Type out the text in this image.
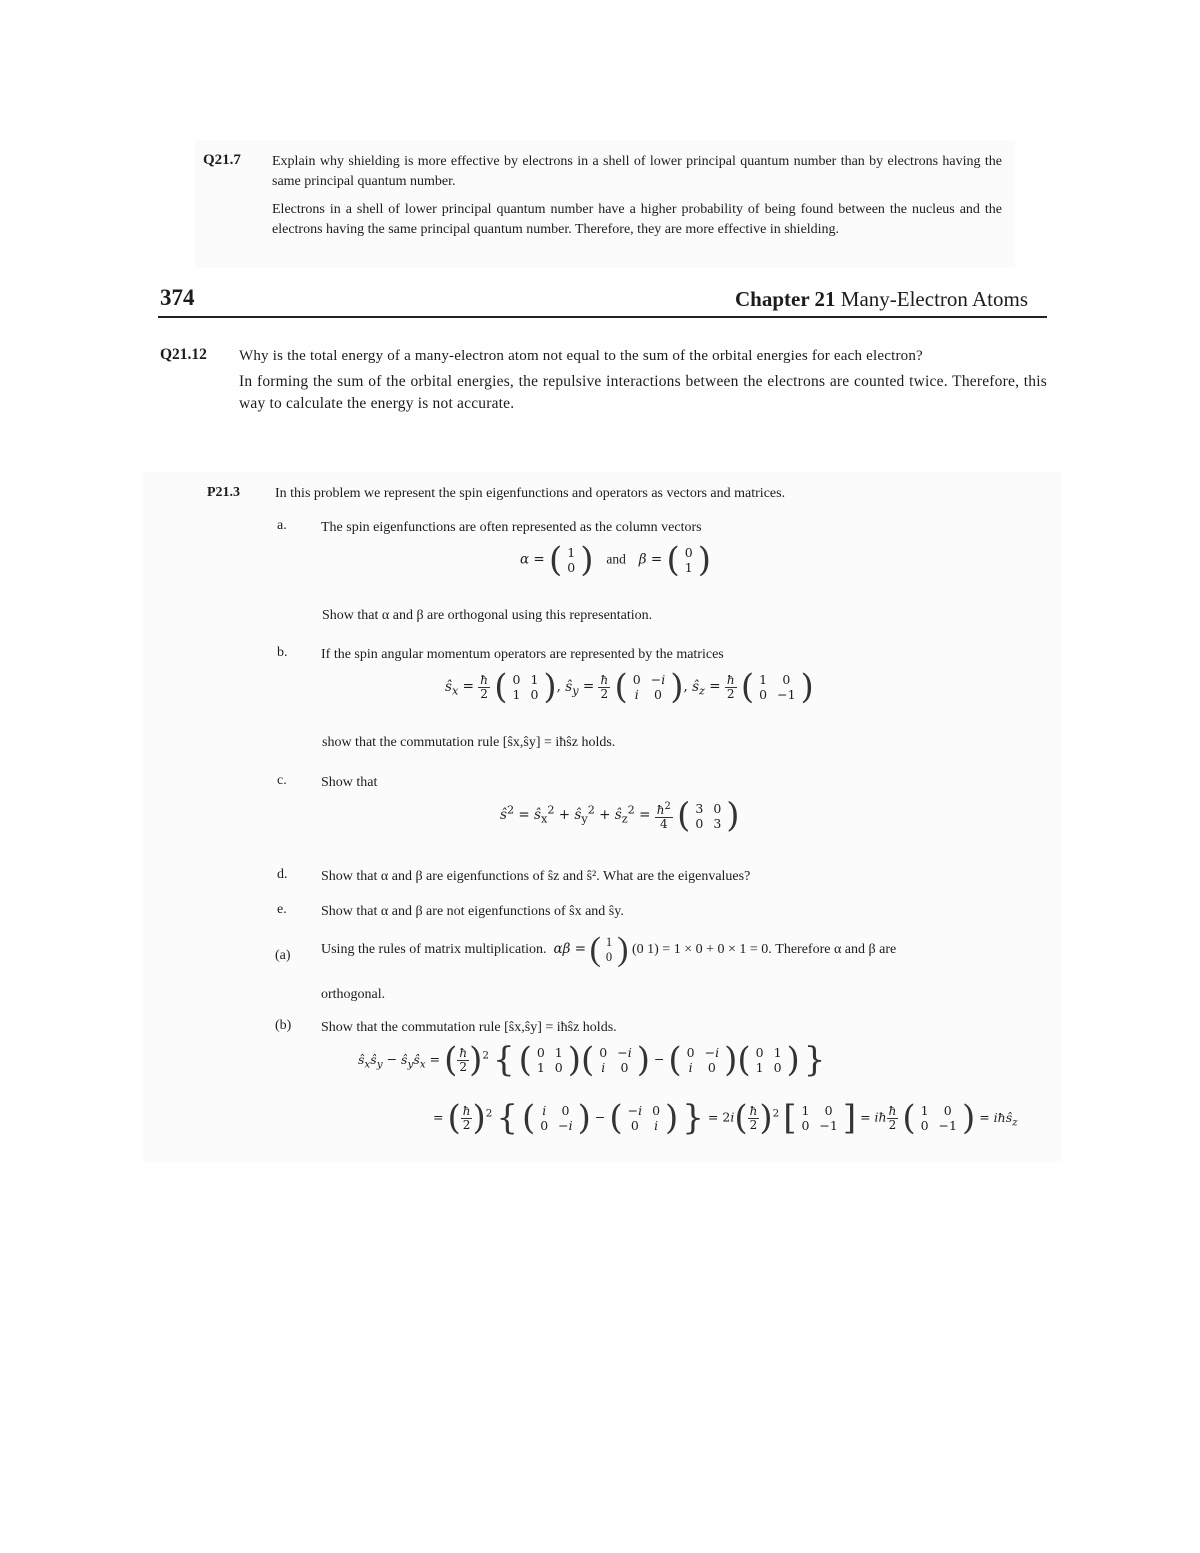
Q21.7 Explain why shielding is more effective by electrons in a shell of lower principal quantum number than by electrons having the same principal quantum number.
Electrons in a shell of lower principal quantum number have a higher probability of being found between the nucleus and the electrons having the same principal quantum number. Therefore, they are more effective in shielding.
374	Chapter 21 Many-Electron Atoms
Q21.12 Why is the total energy of a many-electron atom not equal to the sum of the orbital energies for each electron?
In forming the sum of the orbital energies, the repulsive interactions between the electrons are counted twice. Therefore, this way to calculate the energy is not accurate.
P21.3 In this problem we represent the spin eigenfunctions and operators as vectors and matrices.
a. The spin eigenfunctions are often represented as the column vectors
α = ( 1
0 ) and β = ( 0
1 )
Show that α and β are orthogonal using this representation.
b. If the spin angular momentum operators are represented by the matrices
$ŝ_x = \frac{ħ}{2}$ ( 0	1
1	0 ), $ŝ_y = \frac{ħ}{2}$ ( 0	−i
i	0 ), $ŝ_z = \frac{ħ}{2}$ ( 1	0
0	−1 )
show that the commutation rule [ŝx,ŝy] = iħŝz holds.
c. Show that
$ŝ^2$ = $ŝ_x^2$ + $ŝ_y^2$ + $ŝ_z^2 = \frac{ħ^2}{4}$ ( 3	0
0	3 )
d. Show that α and β are eigenfunctions of ŝz and ŝ². What are the eigenvalues?
e. Show that α and β are not eigenfunctions of ŝx and ŝy.
(a) Using the rules of matrix multiplication. αβ = ( 1
0 ) (0 1) = 1 × 0 + 0 × 1 = 0. Therefore α and β are
orthogonal.
(b) Show that the commutation rule [ŝx,ŝy] = iħŝz holds.
$ŝ_xŝ_y$ − $ŝ_yŝ_x$ = ( $\frac{ħ}{2} )^2$ { ( 0	1
1	0 )( 0	−i
i	0 ) − ( 0	−i
i	0 )( 0	1
1	0 ) }
= ( $\frac{ħ}{2} )^2$ { ( i	0
0	−i ) − ( −i	0
0	i ) } = $2i( \frac{ħ}{2} )^2$ [ 1	0
0	−1 ] = iħ $\frac{ħ}{2}$ ( 1	0
0	−1 ) = iħŝ$_z$
